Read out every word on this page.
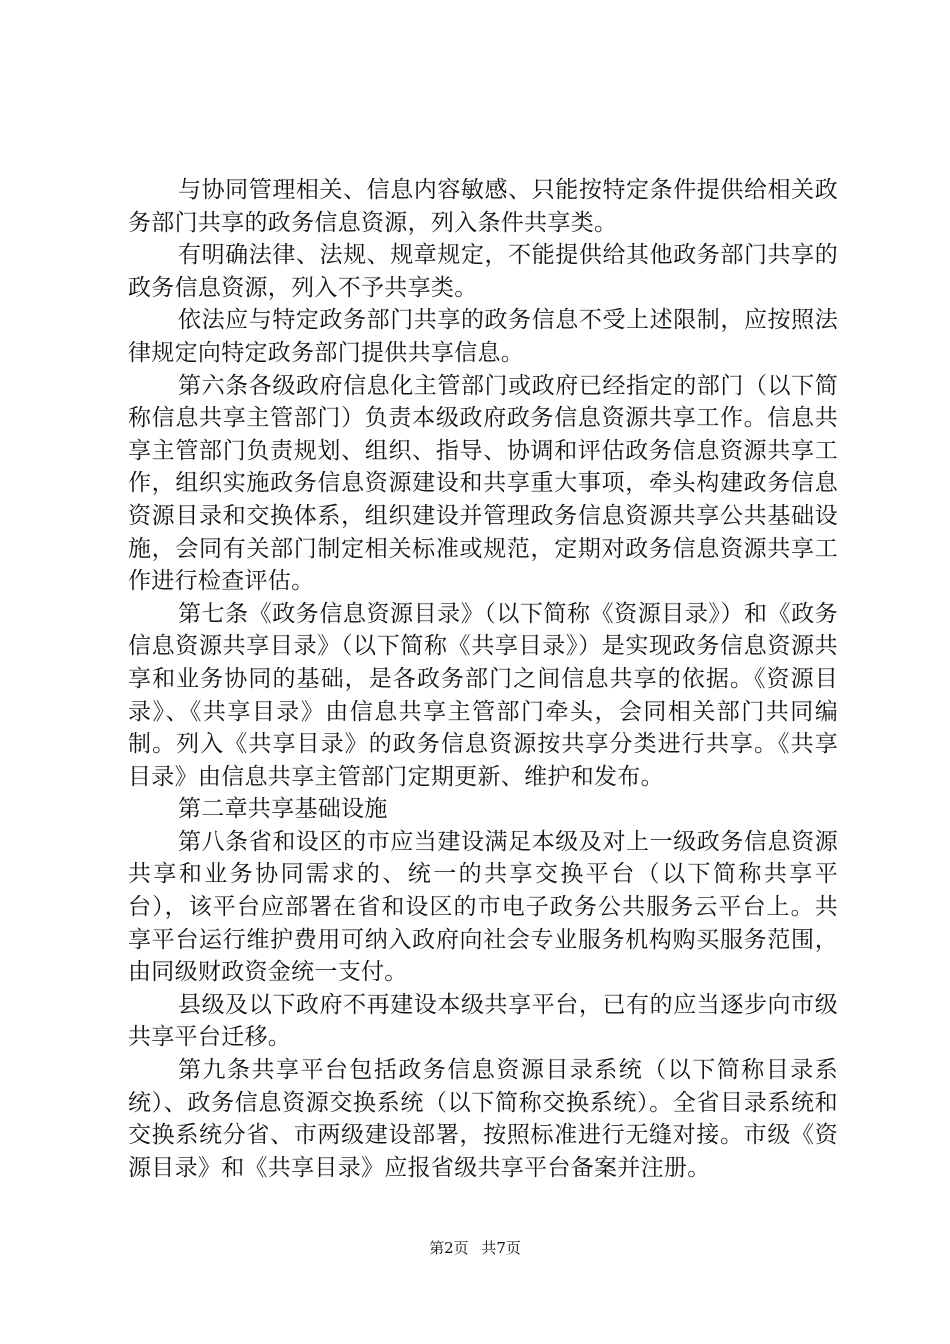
与协同管理相关、信息内容敏感、只能按特定条件提供给相关政务部门共享的政务信息资源，列入条件共享类。

有明确法律、法规、规章规定，不能提供给其他政务部门共享的政务信息资源，列入不予共享类。

依法应与特定政务部门共享的政务信息不受上述限制，应按照法律规定向特定政务部门提供共享信息。

第六条各级政府信息化主管部门或政府已经指定的部门（以下简称信息共享主管部门）负责本级政府政务信息资源共享工作。信息共享主管部门负责规划、组织、指导、协调和评估政务信息资源共享工作，组织实施政务信息资源建设和共享重大事项，牵头构建政务信息资源目录和交换体系，组织建设并管理政务信息资源共享公共基础设施，会同有关部门制定相关标准或规范，定期对政务信息资源共享工作进行检查评估。

第七条《政务信息资源目录》（以下简称《资源目录》）和《政务信息资源共享目录》（以下简称《共享目录》）是实现政务信息资源共享和业务协同的基础，是各政务部门之间信息共享的依据。《资源目录》、《共享目录》由信息共享主管部门牵头，会同相关部门共同编制。列入《共享目录》的政务信息资源按共享分类进行共享。《共享目录》由信息共享主管部门定期更新、维护和发布。

第二章共享基础设施

第八条省和设区的市应当建设满足本级及对上一级政务信息资源共享和业务协同需求的、统一的共享交换平台（以下简称共享平台），该平台应部署在省和设区的市电子政务公共服务云平台上。共享平台运行维护费用可纳入政府向社会专业服务机构购买服务范围，由同级财政资金统一支付。

县级及以下政府不再建设本级共享平台，已有的应当逐步向市级共享平台迁移。

第九条共享平台包括政务信息资源目录系统（以下简称目录系统）、政务信息资源交换系统（以下简称交换系统）。全省目录系统和交换系统分省、市两级建设部署，按照标准进行无缝对接。市级《资源目录》和《共享目录》应报省级共享平台备案并注册。

第2页 共7页
